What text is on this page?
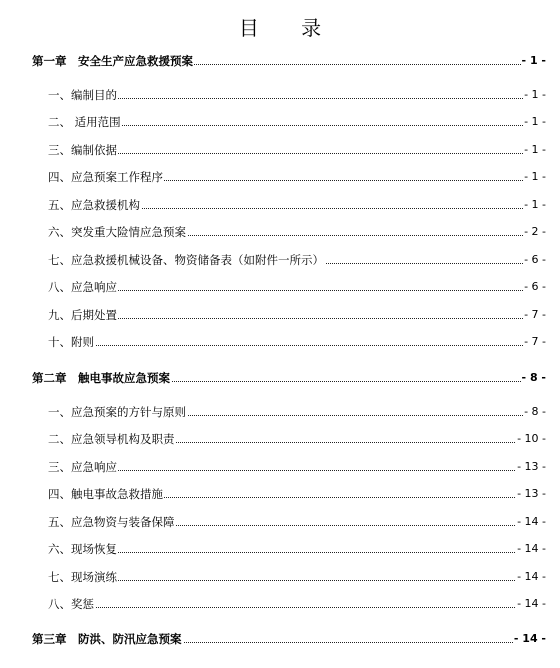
目 录
第一章　安全生产应急救援预案	- 1 -
一、编制目的	- 1 -
二、 适用范围	- 1 -
三、编制依据	- 1 -
四、应急预案工作程序	- 1 -
五、应急救援机构	- 1 -
六、突发重大险情应急预案	- 2 -
七、应急救援机械设备、物资储备表（如附件一所示）	- 6 -
八、应急响应	- 6 -
九、后期处置	- 7 -
十、附则	- 7 -
第二章　触电事故应急预案	- 8 -
一、应急预案的方针与原则	- 8 -
二、应急领导机构及职责	- 10 -
三、应急响应	- 13 -
四、触电事故急救措施	- 13 -
五、应急物资与装备保障	- 14 -
六、现场恢复	- 14 -
七、现场演练	- 14 -
八、奖惩	- 14 -
第三章　防洪、防汛应急预案	- 14 -
